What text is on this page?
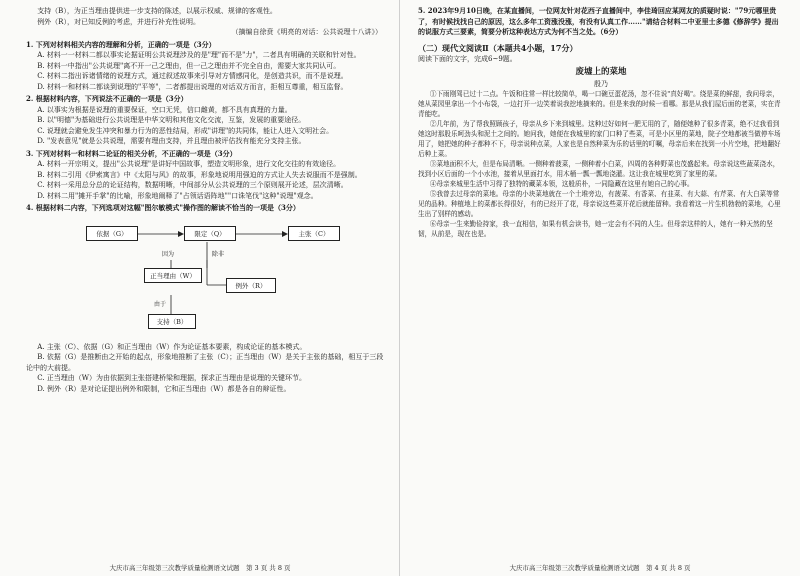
支持（B），为正当理由提供进一步支持的陈述，以展示权威、规律的客观性。

例外（R），对已知反例的考虑，并进行补充性说明。

（摘编自徐贲《明亮的对话：公共说理十八讲》）

1. 下列对材料相关内容的理解和分析，正确的一项是（3分）

A. 材料一一材料二都以事实论据证明公共说理涉及的是"理"而不是"力"，二者具有明确的关联和针对性。

B. 材料一中指出"公共说理"离不开一己之理由，但一己之理由并不完全自由，需要大家共同认可。

C. 材料二指出诉诸情绪的说理方式，通过叙述故事来引导对方情感同化，是创造共识，而不是说理。

D. 材料一和材料二都谈到说理的"平等"，二者都提出说理的对话双方而言，拒相互尊重，相互监督。

2. 根据材料内容，下列说法不正确的一项是（3分）

A. 以事实为根据是说理的重要保证，空口无凭，信口雌黄，都不具有真理的力量。

B. 以"明德"为基础进行公共说理是中华文明和其他文化交流，互鉴，发展的重要途径。

C. 说理就会避免发生冲突和暴力行为的恶性结局，形成"讲理"的共同体，能让人进入文明社会。

D. "发表意见"就是公共说理，需要有理由支持，并且理由被评估找有能充分支持主张。

3. 下列对材料一和材料二论证的相关分析，不正确的一项是（3分）

A. 材料一开宗明义，提出"公共说理"是讲好中国故事，塑造文明形象，进行文化交往的有效途径。

B. 材料二引用《伊索寓言》中《太阳与风》的故事，形象地说明用强迫的方式让人失去说服而不是强制。

C. 材料一采用总分总的论证结构，数据明晰，中间部分从公共说理的三个原则展开论述，层次清晰。

D. 材料二用"摊开手掌"的比喻，形象地阐释了"占领话语阵地""口诛笔伐"这种"说理"观念。

4. 根据材料二内容，下列选项对这幅"图尔敏模式"操作图的解读不恰当的一项是（3分）

依据（G）	限定（Q）	主张（C）
因为	除非
正当理由（W）
例外（R）
由于
支持（B）

A. 主张（C）、依据（G）和正当理由（W）作为论证基本要素，构成论证的基本模式。

B. 依据（G）是推断由之开始的起点，形象地推断了主张（C）；正当理由（W）是关于主张的基础，相互于三段论中的大前提。

C. 正当理由（W）为由依据到主张搭建桥梁和理据，探求正当理由是说理的关键环节。

D. 例外（R）是对论证提出例外和限制，它和正当理由（W）都是各自的辩证性。

大庆市高三年级第三次教学质量检测语文试题　第 3 页 共 8 页

5. 2023年9月10日晚，在某直播间，一位网友针对花西子直播间中，李佳琦回应某网友的质疑时说："79元哪里贵了，有时候找找自己的原因，这么多年工资涨没涨，有没有认真工作……"请结合材料二中亚里士多德《修辞学》提出的说服方式三要素，简要分析这种表达方式为何不当之处。（6分）

（二）现代文阅读Ⅱ（本题共4小题，17分）

阅读下面的文字，完成6~9题。

废墟上的菜地

殷乃

①下雨刚驾已过十二点。午饭和往常一样比较简单，喝一口碗豆蛋花汤，忽不住说"真好喝"。绕是菜的鲜甜，我问母亲，她从菜园里拿出一个小布袋，一边打开一边笑着说我挖地摘来的。但是来我的时候一看哪。那是从我们屋后面的老菜，实在青青能吃。

②几年前，为了帮我照顾孩子，母亲从乡下来到城里。这种过好如何一肥无用的了，随便她种了很多青菜，绝不过我看到她这时那股乐呵劲头和泥土之间的。她问我，她便在我城里的家门口种了些菜，可是小区里的菜地，院子空地都被当做停车场用了，她把她的种子都种不下，母亲说种点菜，人家也是自然种菜为乐的话里的叮嘱，母亲后来在找到一小片空地，把地翻好后种上菜。

③菜地面积不大，但是布局清晰。一侧种着菠菜，一侧种着小白菜，四周的各种野菜也茂盛起来。母亲说这些蔬菜浇水，找到小区后面的一个小水池，接着从里面打水，用木桶一瓢一瓢地浇灌。这让我在城里吃到了家里的菜。

④母亲来城里生活中习得了独特的藏菜本领，这般质朴，一同隐藏在这里有她自己的心事。

⑤我曾去过母亲的菜地。母亲的小块菜地就在一个土堆旁边，有菠菜、有香菜、有韭菜、有大蒜、有芹菜、有大白菜等常见的品种。种植地上的菜都长得很好，有的已经开了花，母亲说这些菜开花后就能留种。我看着这一片生机勃勃的菜地，心里生出了别样的感动。

⑥母亲一生来勤俭持家，我一直相信，如果有机会读书，她一定会有不同的人生。但母亲这样的人，她有一种天然的坚韧，从前是，现在也是。

大庆市高三年级第三次教学质量检测语文试题　第 4 页 共 8 页
